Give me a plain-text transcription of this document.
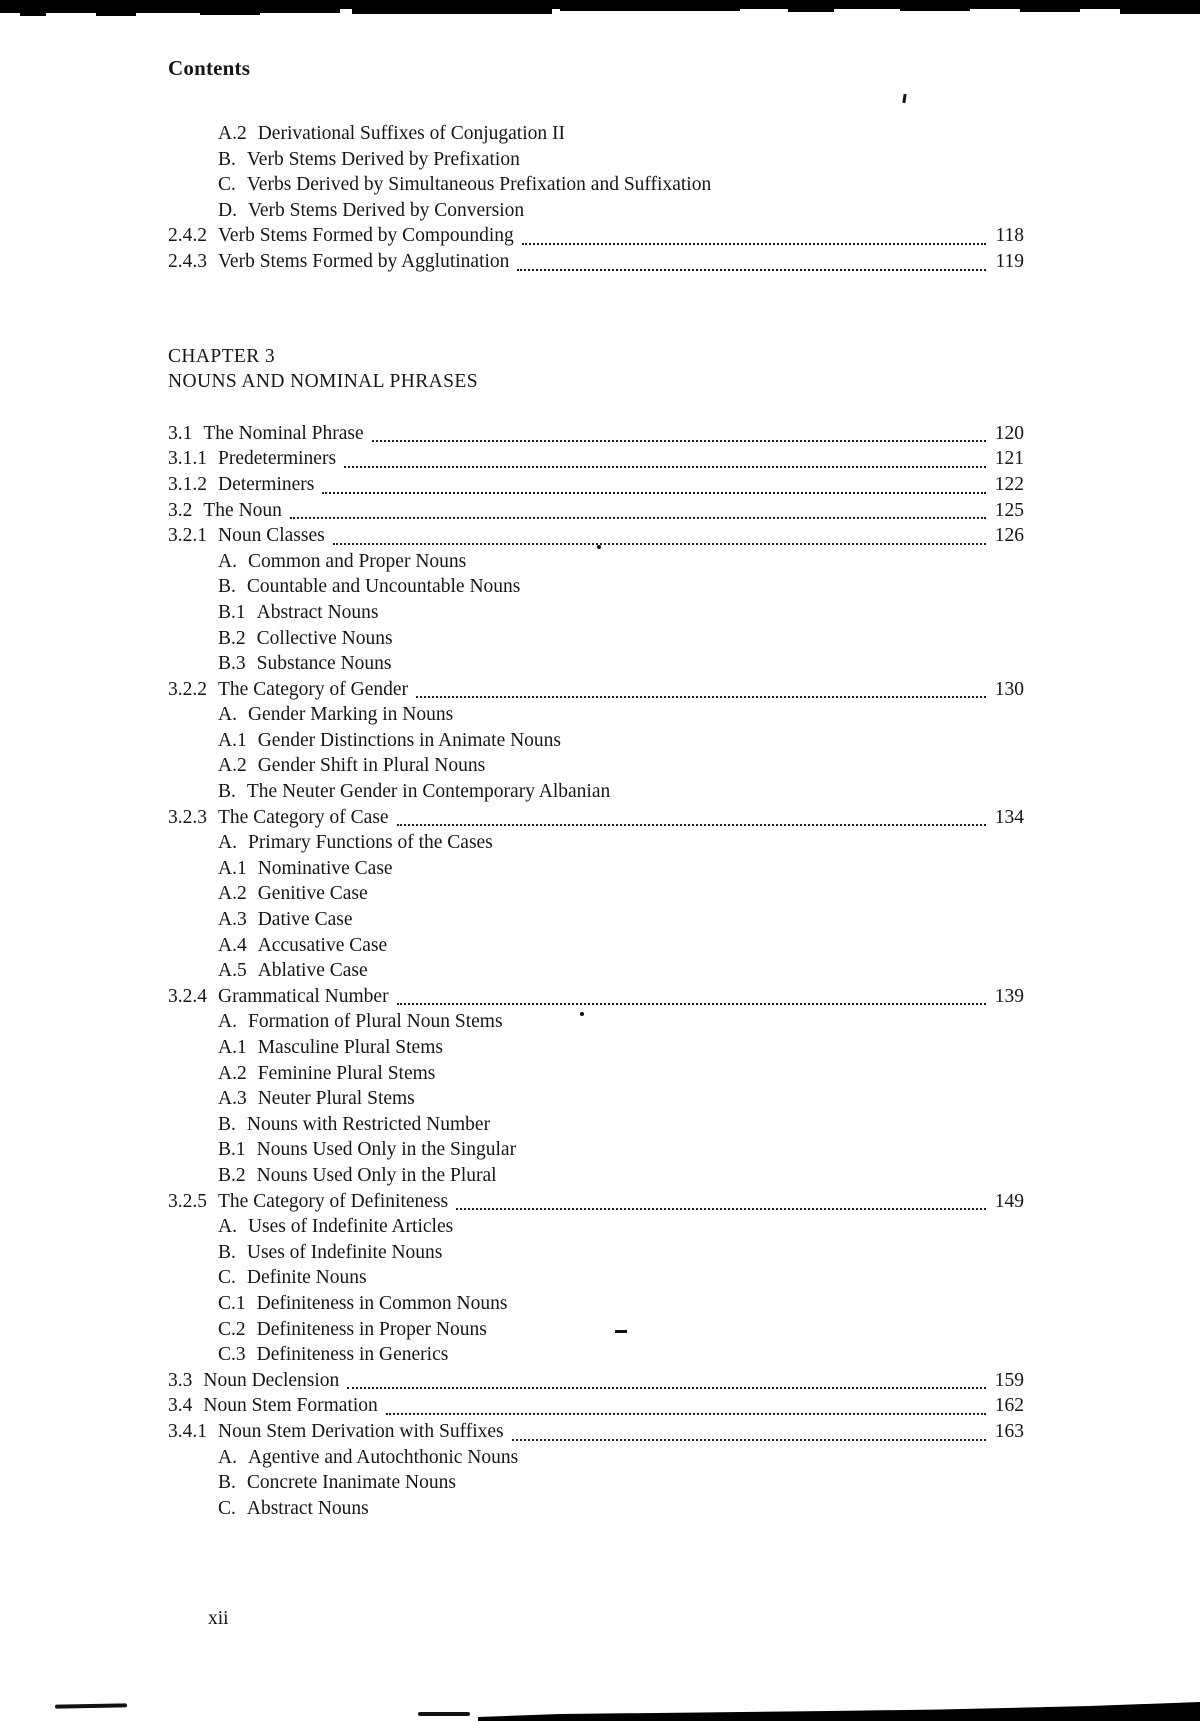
Contents
A.2 Derivational Suffixes of Conjugation II
B. Verb Stems Derived by Prefixation
C. Verbs Derived by Simultaneous Prefixation and Suffixation
D. Verb Stems Derived by Conversion
2.4.2 Verb Stems Formed by Compounding	118
2.4.3 Verb Stems Formed by Agglutination	119
CHAPTER 3
NOUNS AND NOMINAL PHRASES
3.1 The Nominal Phrase	120
3.1.1 Predeterminers	121
3.1.2 Determiners	122
3.2 The Noun	125
3.2.1 Noun Classes	126
A. Common and Proper Nouns
B. Countable and Uncountable Nouns
B.1 Abstract Nouns
B.2 Collective Nouns
B.3 Substance Nouns
3.2.2 The Category of Gender	130
A. Gender Marking in Nouns
A.1 Gender Distinctions in Animate Nouns
A.2 Gender Shift in Plural Nouns
B. The Neuter Gender in Contemporary Albanian
3.2.3 The Category of Case	134
A. Primary Functions of the Cases
A.1 Nominative Case
A.2 Genitive Case
A.3 Dative Case
A.4 Accusative Case
A.5 Ablative Case
3.2.4 Grammatical Number	139
A. Formation of Plural Noun Stems
A.1 Masculine Plural Stems
A.2 Feminine Plural Stems
A.3 Neuter Plural Stems
B. Nouns with Restricted Number
B.1 Nouns Used Only in the Singular
B.2 Nouns Used Only in the Plural
3.2.5 The Category of Definiteness	149
A. Uses of Indefinite Articles
B. Uses of Indefinite Nouns
C. Definite Nouns
C.1 Definiteness in Common Nouns
C.2 Definiteness in Proper Nouns
C.3 Definiteness in Generics
3.3 Noun Declension	159
3.4 Noun Stem Formation	162
3.4.1 Noun Stem Derivation with Suffixes	163
A. Agentive and Autochthonic Nouns
B. Concrete Inanimate Nouns
C. Abstract Nouns
xii
